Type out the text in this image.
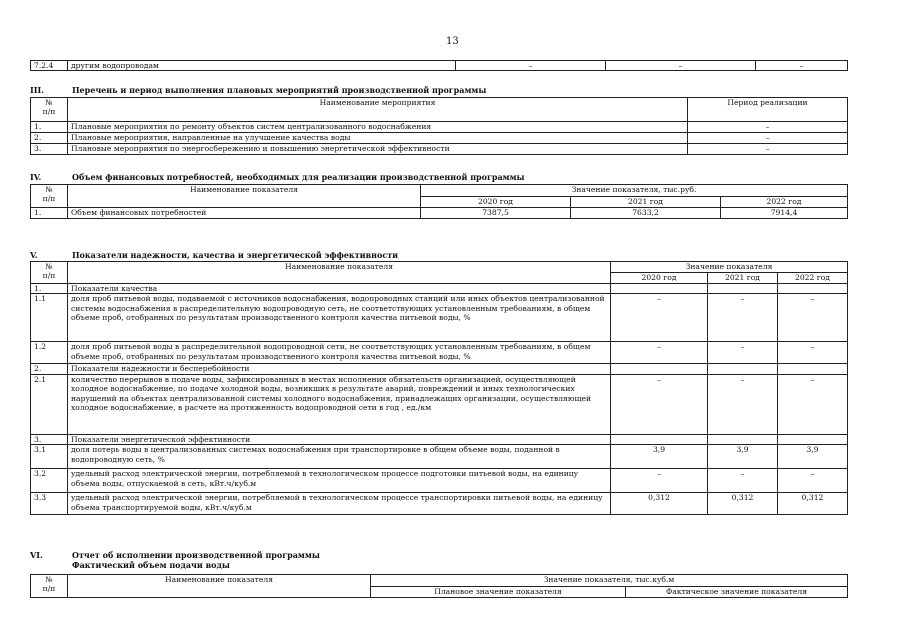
13
7.2.4	другим водопроводам	–	–	–
III.	Перечень и период выполнения плановых мероприятий производственной программы
№
п/п	Наименование мероприятия	Период реализации
1.	Плановые мероприятия по ремонту объектов систем централизованного водоснабжения	–
2.	Плановые мероприятия, направленные на улучшение качества воды	–
3.	Плановые мероприятия по энергосбережению и повышению энергетической эффективности	–
IV.	Объем финансовых потребностей, необходимых для реализации производственной программы
№
п/п	Наименование показателя	Значение показателя, тыс.руб.		
		2020 год	2021 год	2022 год
1.	Объем финансовых потребностей	7387,5	7633,2	7914,4
V.	Показатели надежности, качества и энергетической эффективности
№
п/п	Наименование показателя	Значение показателя		
		2020 год	2021 год	2022 год
1.	Показатели качества			
1.1	доля проб питьевой воды, подаваемой с источников водоснабжения, водопроводных станций или иных объектов централизованной системы водоснабжения в распределительную водопроводную сеть, не соответствующих установленным требованиям, в общем объеме проб, отобранных по результатам производственного контроля качества питьевой воды, %	–	–	–
1.2	доля проб питьевой воды в распределительной водопроводной сети, не соответствующих установленным требованиям, в общем объеме проб, отобранных по результатам производственного контроля качества питьевой воды, %	–	–	–
2.	Показатели надежности и бесперебойности			
2.1	количество перерывов в подаче воды, зафиксированных в местах исполнения обязательств организацией, осуществляющей холодное водоснабжение, по подаче холодной воды, возникших в результате аварий, повреждений и иных технологических нарушений на объектах централизованной системы холодного водоснабжения, принадлежащих организации, осуществляющей холодное водоснабжение, в расчете на протяженность водопроводной сети в год , ед./км	–	–	–
3.	Показатели энергетической эффективности			
3.1	доля потерь воды в централизованных системах водоснабжения при транспортировке в общем объеме воды, поданной в водопроводную сеть, %	3,9	3,9	3,9
3.2	удельный расход электрической энергии, потребляемой в технологическом процессе подготовки питьевой воды, на единицу объема воды, отпускаемой в сеть, кВт.ч/куб.м	–	–	–
3.3	удельный расход электрической энергии, потребляемой в технологическом процессе транспортировки питьевой воды, на единицу объема транспортируемой воды, кВт.ч/куб.м	0,312	0,312	0,312
VI.	Отчет об исполнении производственной программы
Фактический объем подачи воды
№
п/п	Наименование показателя	Значение показателя, тыс.куб.м	
		Плановое значение показателя	Фактическое значение показателя
